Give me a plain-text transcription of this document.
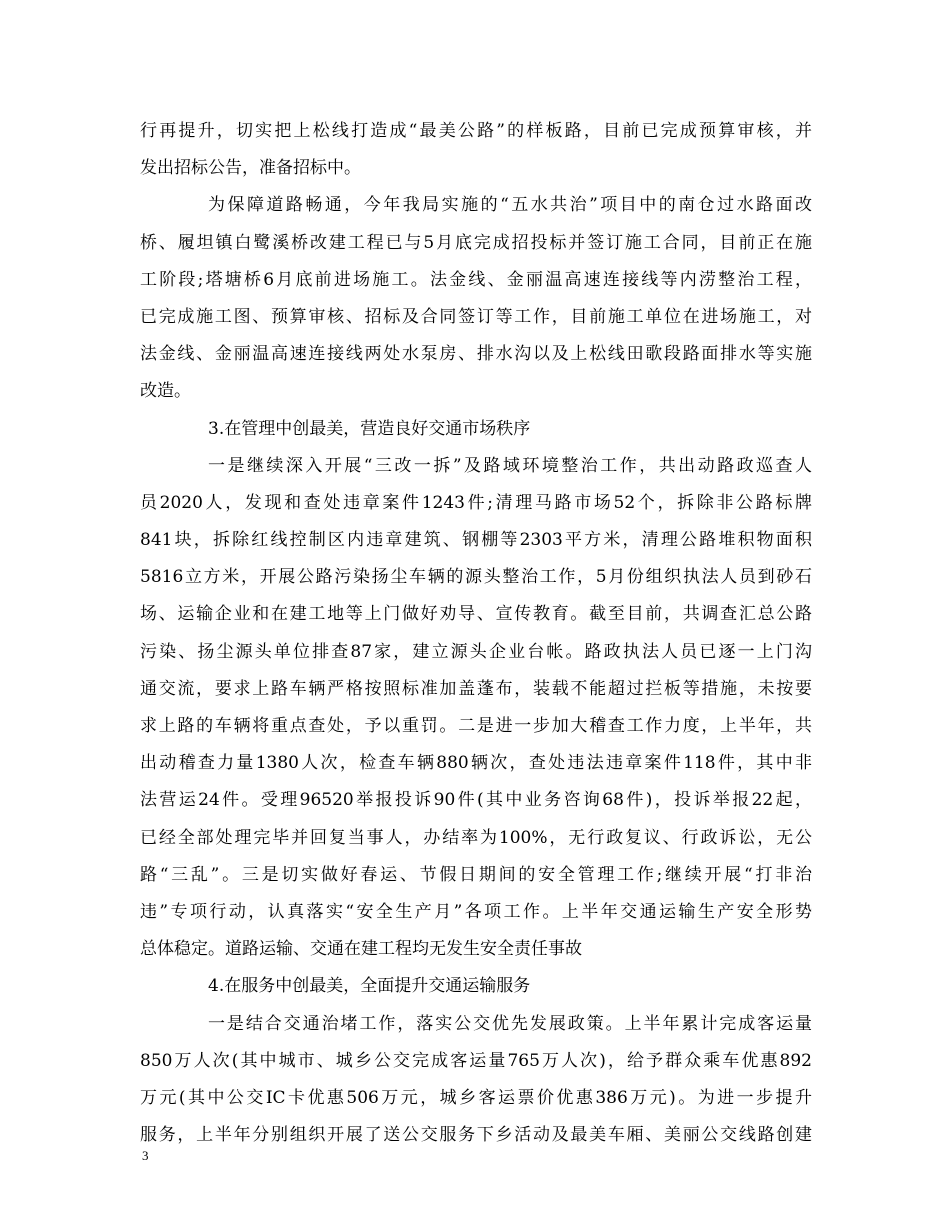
行再提升，切实把上松线打造成“最美公路”的样板路，目前已完成预算审核，并
发出招标公告，准备招标中。
为保障道路畅通，今年我局实施的“五水共治”项目中的南仓过水路面改
桥、履坦镇白鹭溪桥改建工程已与5月底完成招投标并签订施工合同，目前正在施
工阶段;塔塘桥6月底前进场施工。法金线、金丽温高速连接线等内涝整治工程，
已完成施工图、预算审核、招标及合同签订等工作，目前施工单位在进场施工，对
法金线、金丽温高速连接线两处水泵房、排水沟以及上松线田歌段路面排水等实施
改造。
3.在管理中创最美，营造良好交通市场秩序
一是继续深入开展“三改一拆”及路域环境整治工作，共出动路政巡查人
员2020人，发现和查处违章案件1243件;清理马路市场52个，拆除非公路标牌
841块，拆除红线控制区内违章建筑、钢棚等2303平方米，清理公路堆积物面积
5816立方米，开展公路污染扬尘车辆的源头整治工作，5月份组织执法人员到砂石
场、运输企业和在建工地等上门做好劝导、宣传教育。截至目前，共调查汇总公路
污染、扬尘源头单位排查87家，建立源头企业台帐。路政执法人员已逐一上门沟
通交流，要求上路车辆严格按照标准加盖蓬布，装载不能超过拦板等措施，未按要
求上路的车辆将重点查处，予以重罚。二是进一步加大稽查工作力度，上半年，共
出动稽查力量1380人次，检查车辆880辆次，查处违法违章案件118件，其中非
法营运24件。受理96520举报投诉90件(其中业务咨询68件)，投诉举报22起，
已经全部处理完毕并回复当事人，办结率为100%，无行政复议、行政诉讼，无公
路“三乱”。三是切实做好春运、节假日期间的安全管理工作;继续开展“打非治
违”专项行动，认真落实“安全生产月”各项工作。上半年交通运输生产安全形势
总体稳定。道路运输、交通在建工程均无发生安全责任事故
4.在服务中创最美，全面提升交通运输服务
一是结合交通治堵工作，落实公交优先发展政策。上半年累计完成客运量
850万人次(其中城市、城乡公交完成客运量765万人次)，给予群众乘车优惠892
万元(其中公交IC卡优惠506万元，城乡客运票价优惠386万元)。为进一步提升
服务，上半年分别组织开展了送公交服务下乡活动及最美车厢、美丽公交线路创建
3
